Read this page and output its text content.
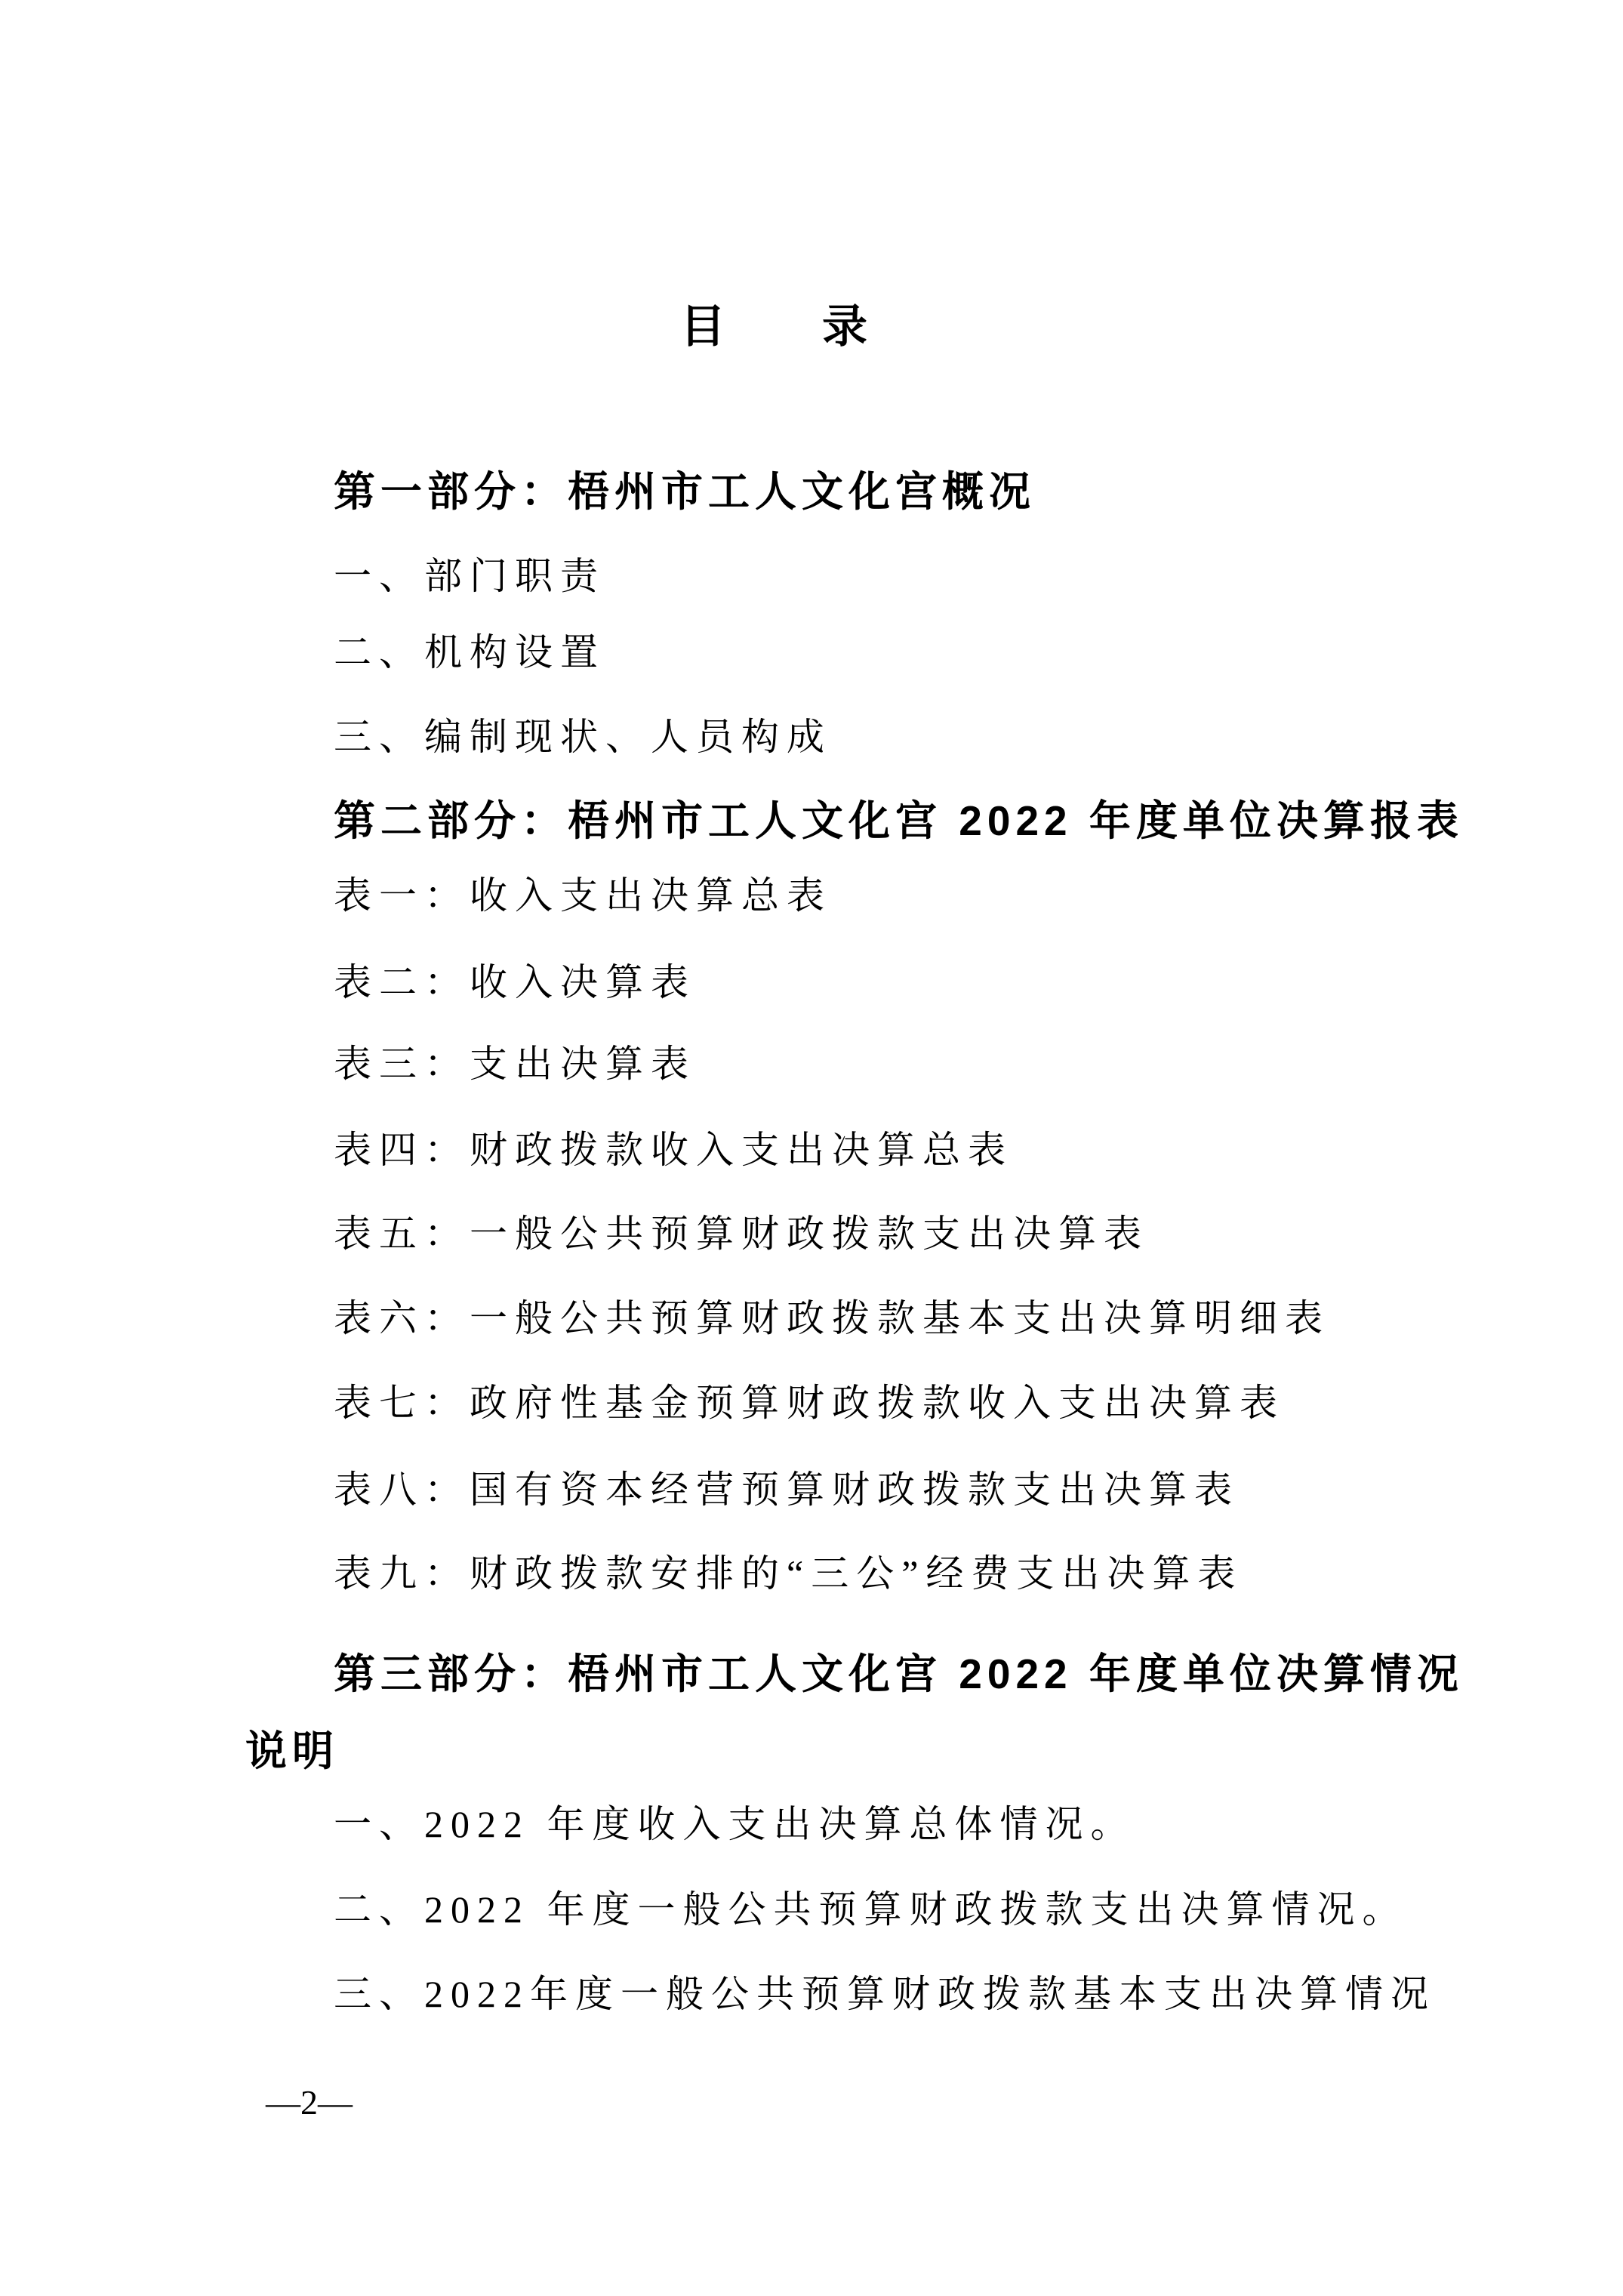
目 录
第一部分：梧州市工人文化宫概况
一、部门职责
二、机构设置
三、编制现状、人员构成
第二部分：梧州市工人文化宫 2022 年度单位决算报表
表一：收入支出决算总表
表二：收入决算表
表三：支出决算表
表四：财政拨款收入支出决算总表
表五：一般公共预算财政拨款支出决算表
表六：一般公共预算财政拨款基本支出决算明细表
表七：政府性基金预算财政拨款收入支出决算表
表八：国有资本经营预算财政拨款支出决算表
表九：财政拨款安排的“三公”经费支出决算表
第三部分：梧州市工人文化宫 2022 年度单位决算情况
说明
一、2022 年度收入支出决算总体情况。
二、2022 年度一般公共预算财政拨款支出决算情况。
三、2022年度一般公共预算财政拨款基本支出决算情况
—2—
